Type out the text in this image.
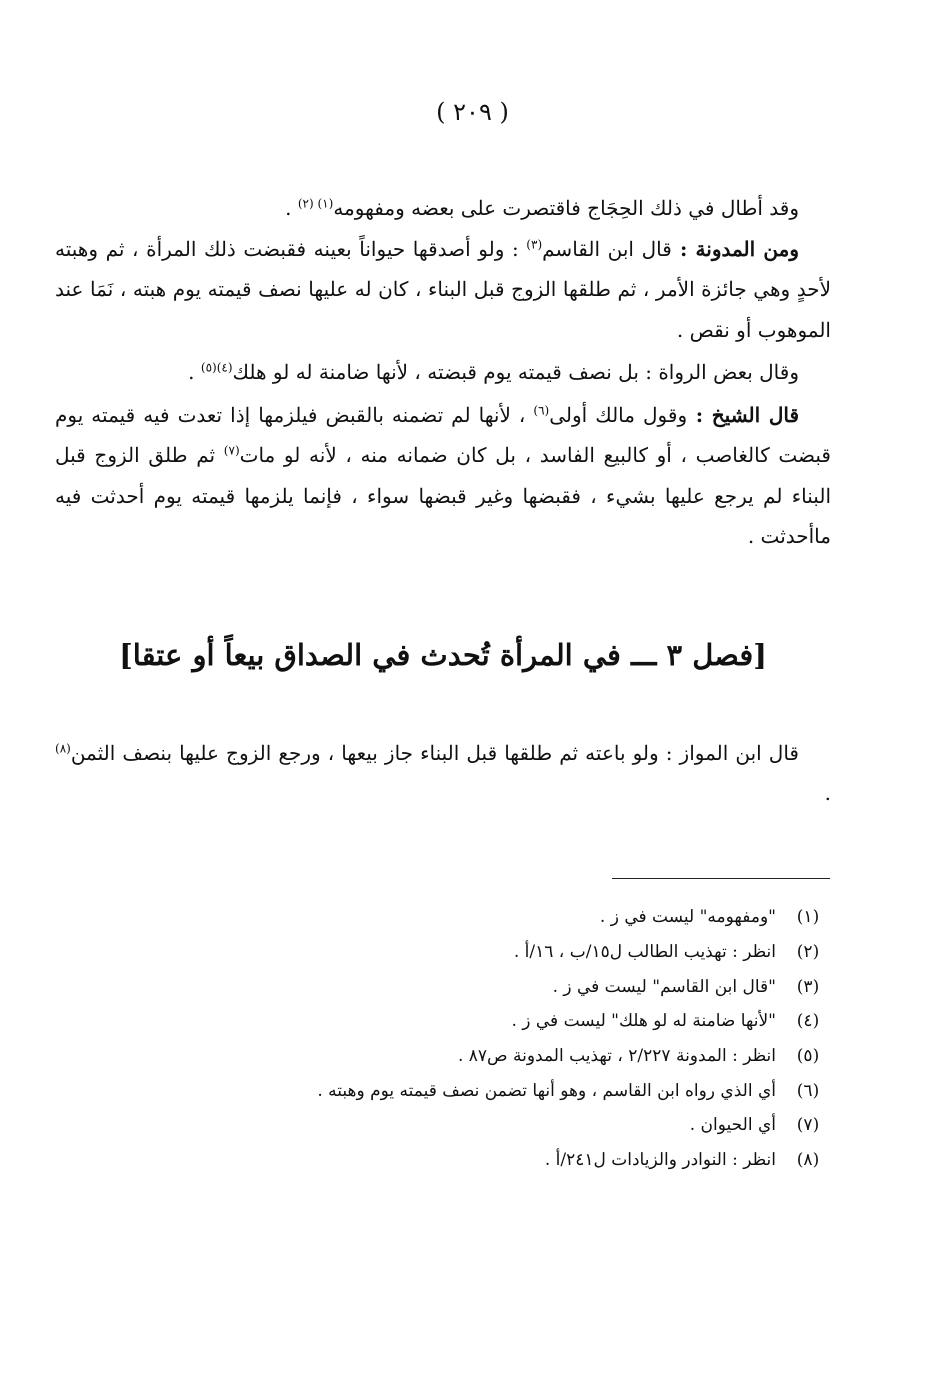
( ٢٠٩ )

وقد أطال في ذلك الحِجَاج فاقتصرت على بعضه ومفهومه$^{(١) (٢)}$ .

ومن المدونة : قال ابن القاسم$^{(٣)}$ : ولو أصدقها حيواناً بعينه فقبضت ذلك المرأة ، ثم وهبته لأحدٍ وهي جائزة الأمر ، ثم طلقها الزوج قبل البناء ، كان له عليها نصف قيمته يوم هبته ، نَمَا عند الموهوب أو نقص .

وقال بعض الرواة : بل نصف قيمته يوم قبضته ، لأنها ضامنة له لو هلك$^{(٤)(٥)}$ .

قال الشيخ : وقول مالك أولى$^{(٦)}$ ، لأنها لم تضمنه بالقبض فيلزمها إذا تعدت فيه قيمته يوم قبضت كالغاصب ، أو كالبيع الفاسد ، بل كان ضمانه منه ، لأنه لو مات$^{(٧)}$ ثم طلق الزوج قبل البناء لم يرجع عليها بشيء ، فقبضها وغير قبضها سواء ، فإنما يلزمها قيمته يوم أحدثت فيه ماأحدثت .

[فصل ٣ ـــ في المرأة تُحدث في الصداق بيعاً أو عتقا]

قال ابن المواز : ولو باعته ثم طلقها قبل البناء جاز بيعها ، ورجع الزوج عليها بنصف الثمن$^{(٨)}$ .

(١)
"ومفهومه" ليست في ز .
(٢)
انظر : تهذيب الطالب ل١٥/ب ، ١٦/أ .
(٣)
"قال ابن القاسم" ليست في ز .
(٤)
"لأنها ضامنة له لو هلك" ليست في ز .
(٥)
انظر : المدونة ٢/٢٢٧ ، تهذيب المدونة ص٨٧ .
(٦)
أي الذي رواه ابن القاسم ، وهو أنها تضمن نصف قيمته يوم وهبته .
(٧)
أي الحيوان .
(٨)
انظر : النوادر والزيادات ل٢٤١/أ .
